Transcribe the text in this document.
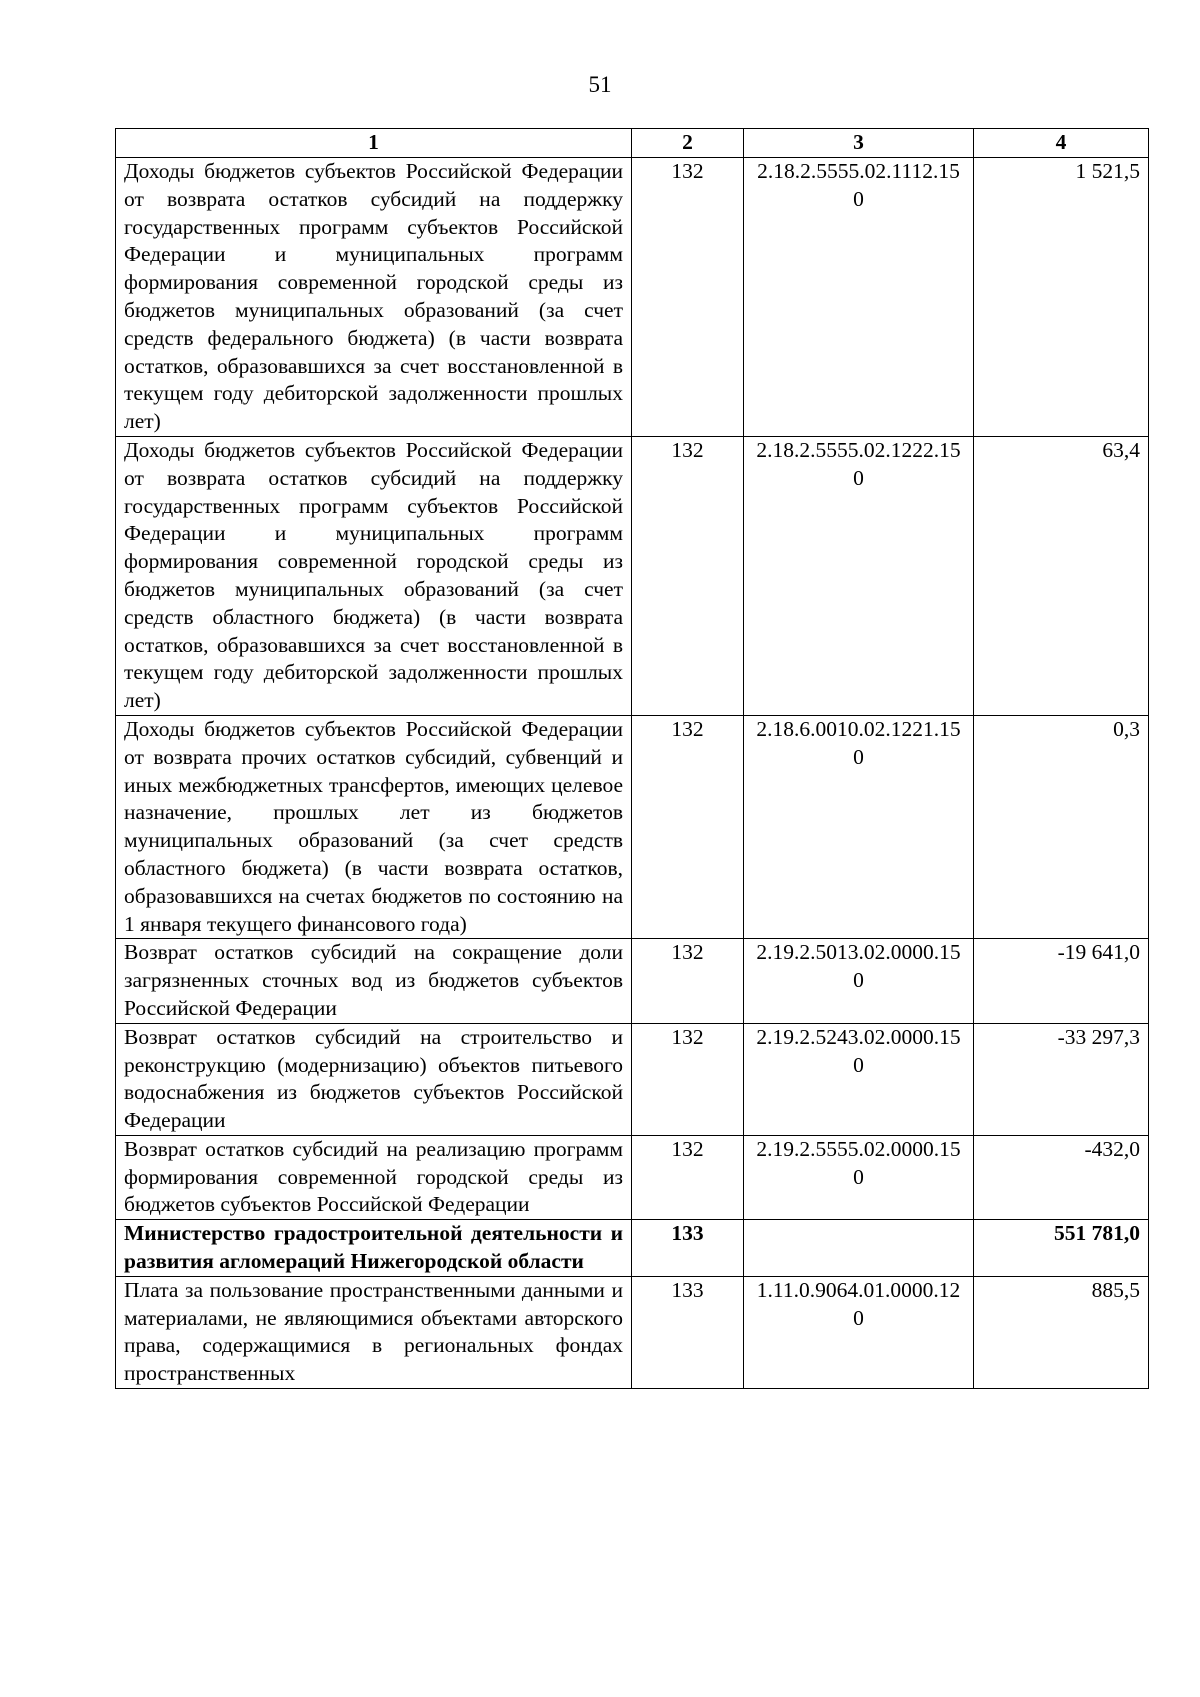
51
1	2	3	4
Доходы бюджетов субъектов Российской Федерации от возврата остатков субсидий на поддержку государственных программ субъектов Российской Федерации и муниципальных программ формирования современной городской среды из бюджетов муниципальных образований (за счет средств федерального бюджета) (в части возврата остатков, образовавшихся за счет восстановленной в текущем году дебиторской задолженности прошлых лет)	132	2.18.2.5555.02.1112.150	1 521,5
Доходы бюджетов субъектов Российской Федерации от возврата остатков субсидий на поддержку государственных программ субъектов Российской Федерации и муниципальных программ формирования современной городской среды из бюджетов муниципальных образований (за счет средств областного бюджета) (в части возврата остатков, образовавшихся за счет восстановленной в текущем году дебиторской задолженности прошлых лет)	132	2.18.2.5555.02.1222.150	63,4
Доходы бюджетов субъектов Российской Федерации от возврата прочих остатков субсидий, субвенций и иных межбюджетных трансфертов, имеющих целевое назначение, прошлых лет из бюджетов муниципальных образований (за счет средств областного бюджета) (в части возврата остатков, образовавшихся на счетах бюджетов по состоянию на 1 января текущего финансового года)	132	2.18.6.0010.02.1221.150	0,3
Возврат остатков субсидий на сокращение доли загрязненных сточных вод из бюджетов субъектов Российской Федерации	132	2.19.2.5013.02.0000.150	-19 641,0
Возврат остатков субсидий на строительство и реконструкцию (модернизацию) объектов питьевого водоснабжения из бюджетов субъектов Российской Федерации	132	2.19.2.5243.02.0000.150	-33 297,3
Возврат остатков субсидий на реализацию программ формирования современной городской среды из бюджетов субъектов Российской Федерации	132	2.19.2.5555.02.0000.150	-432,0
Министерство градостроительной деятельности и развития агломераций Нижегородской области	133		551 781,0
Плата за пользование пространственными данными и материалами, не являющимися объектами авторского права, содержащимися в региональных фондах пространственных	133	1.11.0.9064.01.0000.120	885,5
